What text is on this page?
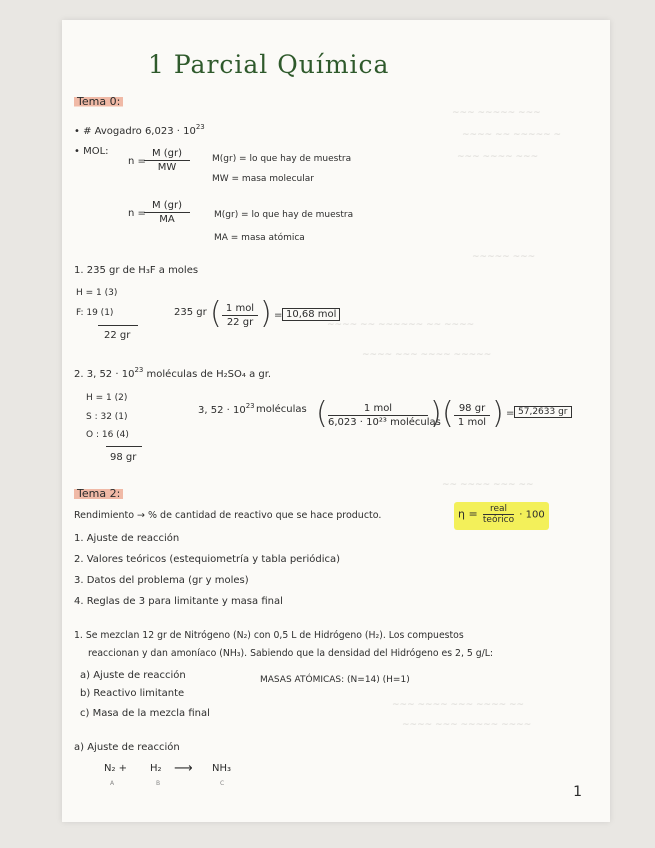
~~~ ~~~~~ ~~~
~~~~ ~~ ~~~~~ ~
~~~ ~~~~ ~~~
~~~~~ ~~~
~~~~ ~~ ~~~~~~ ~~ ~~~~
~~~~ ~~~ ~~~~ ~~~~~
~~ ~~~~ ~~~ ~~
~~~ ~~~~ ~~~ ~~~~ ~~
~~~~ ~~~ ~~~~~ ~~~~
1 Parcial Química
Tema 0:
• # Avogadro $6,023 \cdot 10^{23}$
• MOL:
n =
$\frac{M (gr)}{MW} M(gr)$ = lo que hay de muestra
MW = masa molecular
n =
$\frac{M (gr)}{MA}$	M(gr) = lo que hay de muestra
MA = masa atómica
1. 235 gr de H₃F a moles
H = 1 (3)
F: 19 (1)
22 gr
235 gr ( 1 mol
22 gr ) = 10,68 mol
2. 3, $52 \cdot 10^{23}$ moléculas de H₂SO₄ a gr.
H = 1 (2)
S : 32 (1)
O : 16 (4)
98 gr
3, $52 \cdot 10^{23}$ moléculas (	1 mol
6,023 · 10²³ moléculas
) ( 98 gr
1 mol ) = 57,2633 gr
Tema 2:
Rendimiento → % de cantidad de reactivo que se hace producto.	η =	real
teórico · 100
1. Ajuste de reacción
2. Valores teóricos (estequiometría y tabla periódica)
3. Datos del problema (gr y moles)
4. Reglas de 3 para limitante y masa final
1. Se mezclan 12 gr de Nitrógeno (N₂) con 0,5 L de Hidrógeno (H₂). Los compuestos
reaccionan y dan amoníaco (NH₃). Sabiendo que la densidad del Hidrógeno es 2, 5 g/L:
a) Ajuste de reacción
b) Reactivo limitante
c) Masa de la mezcla final
MASAS ATÓMICAS: (N=14) (H=1)
a) Ajuste de reacción
N₂ + H₂ ⟶ NH₃
A	B	C
1
